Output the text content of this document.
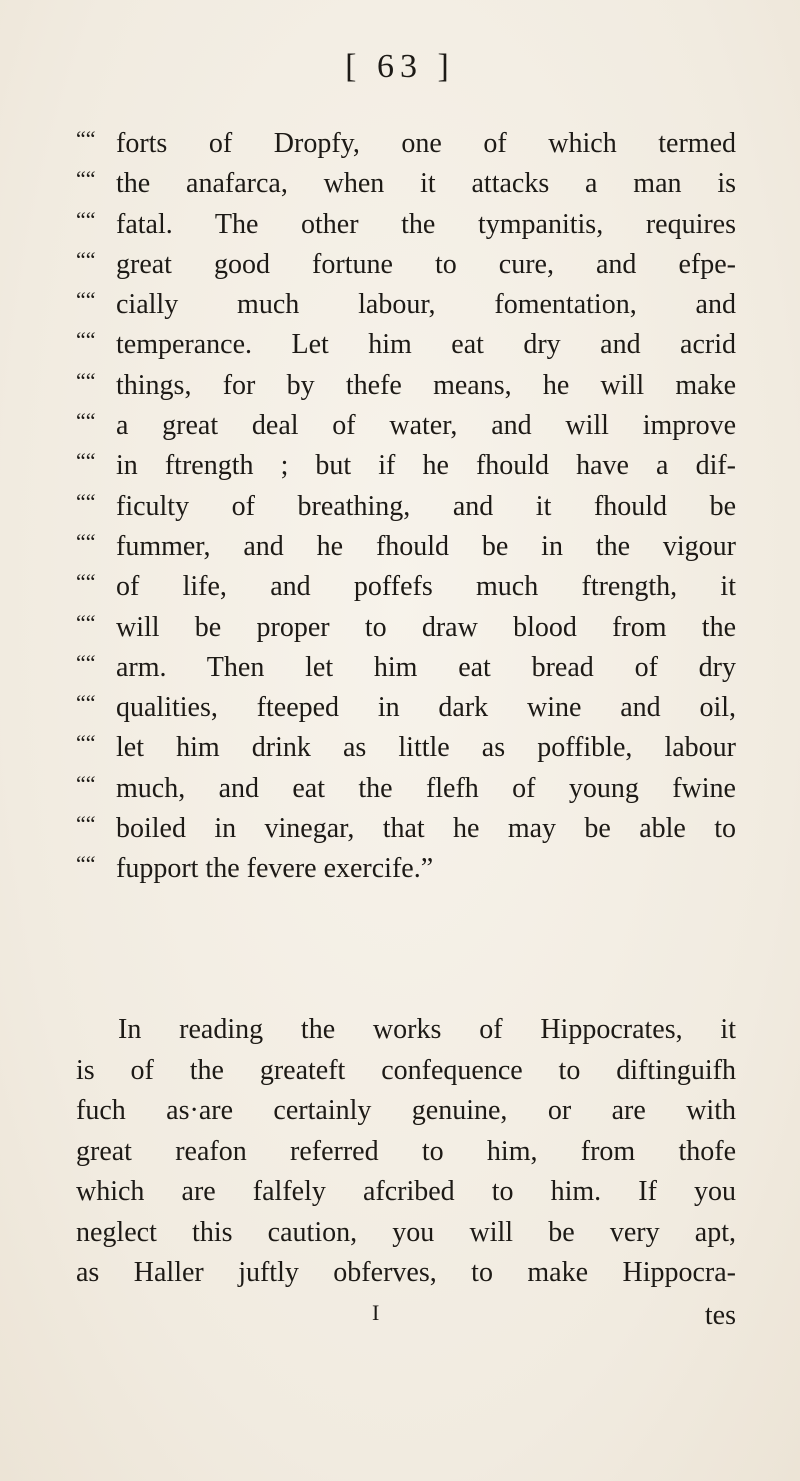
[ 63 ]
““ forts of Dropfy, one of which termed
““ the anafarca, when it attacks a man is
““ fatal. The other the tympanitis, requires
““ great good fortune to cure, and efpe-
““ cially much labour, fomentation, and
““ temperance. Let him eat dry and acrid
““ things, for by thefe means, he will make
““ a great deal of water, and will improve
““ in ftrength ; but if he fhould have a dif-
““ ficulty of breathing, and it fhould be
““ fummer, and he fhould be in the vigour
““ of life, and poffefs much ftrength, it
““ will be proper to draw blood from the
““ arm. Then let him eat bread of dry
““ qualities, fteeped in dark wine and oil,
““ let him drink as little as poffible, labour
““ much, and eat the flefh of young fwine
““ boiled in vinegar, that he may be able to
““ fupport the fevere exercife.”
In reading the works of Hippocrates, it
is of the greateft confequence to diftinguifh
fuch as·are certainly genuine, or are with
great reafon referred to him, from thofe
which are falfely afcribed to him. If you
neglect this caution, you will be very apt,
as Haller juftly obferves, to make Hippocra-
I	tes
